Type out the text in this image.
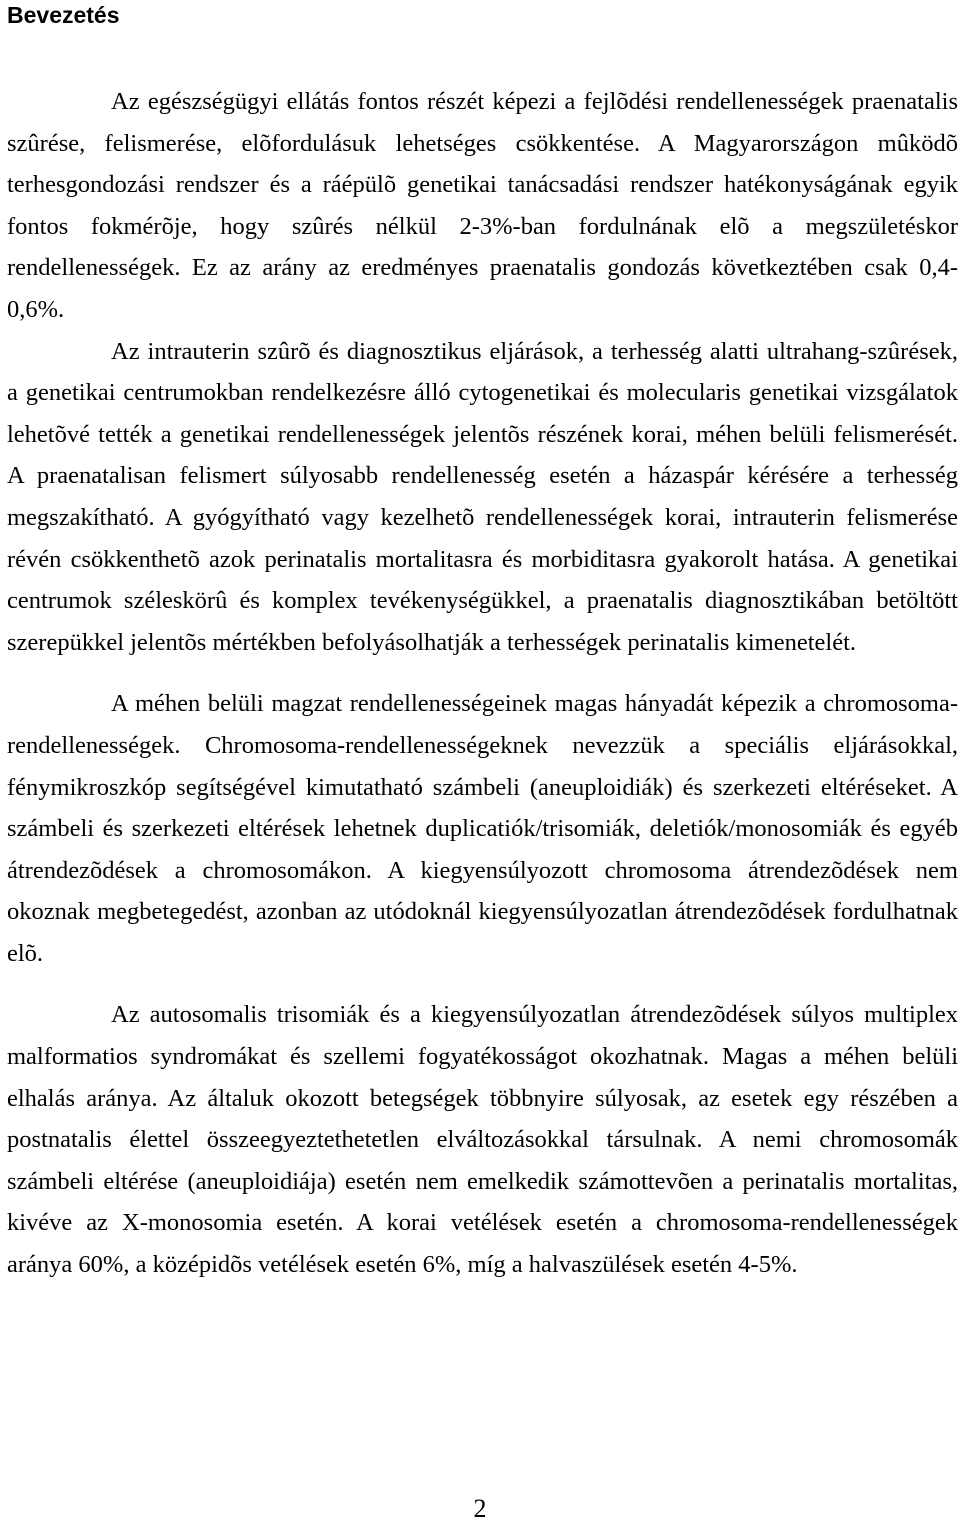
Bevezetés

Az egészségügyi ellátás fontos részét képezi a fejlõdési rendellenességek praenatalis szûrése, felismerése, elõfordulásuk lehetséges csökkentése. A Magyarországon mûködõ terhesgondozási rendszer és a ráépülõ genetikai tanácsadási rendszer hatékonyságának egyik fontos fokmérõje, hogy szûrés nélkül 2-3%-ban fordulnának elõ a megszületéskor rendellenességek. Ez az arány az eredményes praenatalis gondozás következtében csak 0,4-0,6%.

Az intrauterin szûrõ és diagnosztikus eljárások, a terhesség alatti ultrahang-szûrések, a genetikai centrumokban rendelkezésre álló cytogenetikai és molecularis genetikai vizsgálatok lehetõvé tették a genetikai rendellenességek jelentõs részének korai, méhen belüli felismerését. A praenatalisan felismert súlyosabb rendellenesség esetén a házaspár kérésére a terhesség megszakítható. A gyógyítható vagy kezelhetõ rendellenességek korai, intrauterin felismerése révén csökkenthetõ azok perinatalis mortalitasra és morbiditasra gyakorolt hatása. A genetikai centrumok széleskörû és komplex tevékenységükkel, a praenatalis diagnosztikában betöltött szerepükkel jelentõs mértékben befolyásolhatják a terhességek perinatalis kimenetelét.

A méhen belüli magzat rendellenességeinek magas hányadát képezik a chromosoma-rendellenességek. Chromosoma-rendellenességeknek nevezzük a speciális eljárásokkal, fénymikroszkóp segítségével kimutatható számbeli (aneuploidiák) és szerkezeti eltéréseket. A számbeli és szerkezeti eltérések lehetnek duplicatiók/trisomiák, deletiók/monosomiák és egyéb átrendezõdések a chromosomákon. A kiegyensúlyozott chromosoma átrendezõdések nem okoznak megbetegedést, azonban az utódoknál kiegyensúlyozatlan átrendezõdések fordulhatnak elõ.

Az autosomalis trisomiák és a kiegyensúlyozatlan átrendezõdések súlyos multiplex malformatios syndromákat és szellemi fogyatékosságot okozhatnak. Magas a méhen belüli elhalás aránya. Az általuk okozott betegségek többnyire súlyosak, az esetek egy részében a postnatalis élettel összeegyeztethetetlen elváltozásokkal társulnak. A nemi chromosomák számbeli eltérése (aneuploidiája) esetén nem emelkedik számottevõen a perinatalis mortalitas, kivéve az X-monosomia esetén. A korai vetélések esetén a chromosoma-rendellenességek aránya 60%, a középidõs vetélések esetén 6%, míg a halvaszülések esetén 4-5%.

2
